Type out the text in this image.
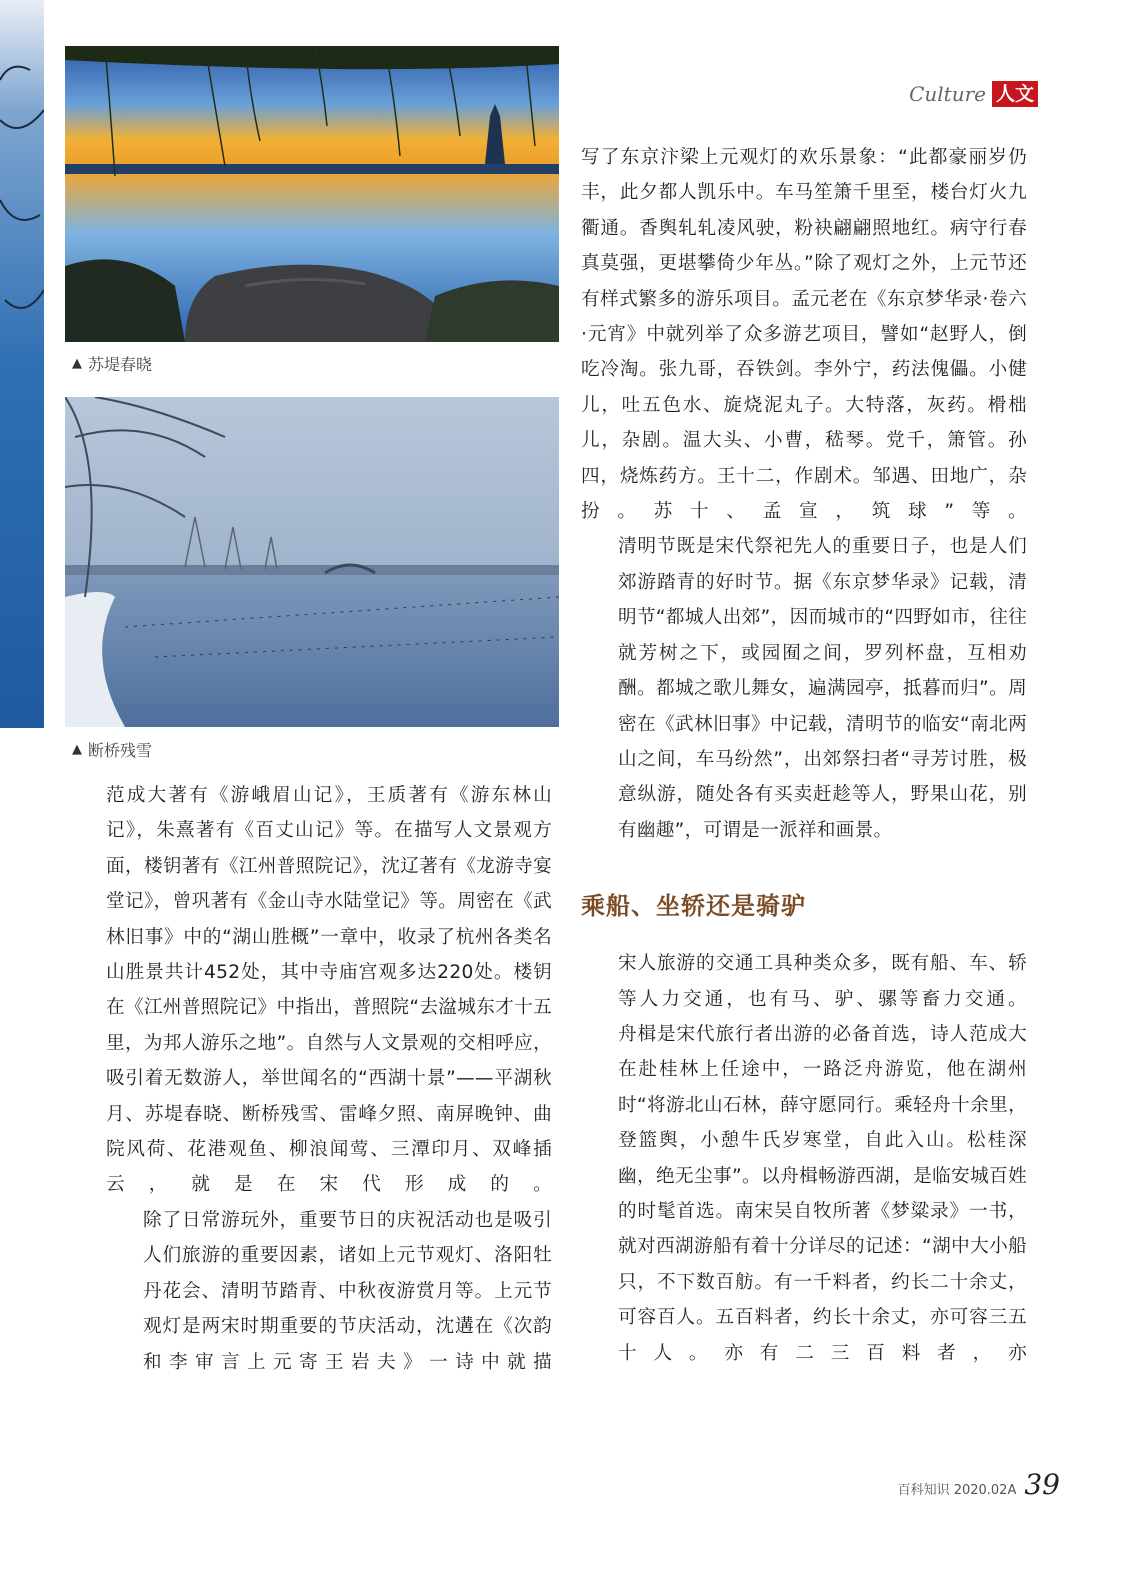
Culture 人文
▲ 苏堤春晓
▲ 断桥残雪

范成大著有《游峨眉山记》，王质著有《游东林山记》，朱熹著有《百丈山记》等。在描写人文景观方面，楼钥著有《江州普照院记》，沈辽著有《龙游寺宴堂记》，曾巩著有《金山寺水陆堂记》等。周密在《武林旧事》中的“湖山胜概”一章中，收录了杭州各类名山胜景共计452处，其中寺庙宫观多达220处。楼钥在《江州普照院记》中指出，普照院“去湓城东才十五里，为邦人游乐之地”。自然与人文景观的交相呼应，吸引着无数游人，举世闻名的“西湖十景”——平湖秋月、苏堤春晓、断桥残雪、雷峰夕照、南屏晚钟、曲院风荷、花港观鱼、柳浪闻莺、三潭印月、双峰插云，就是在宋代形成的。

除了日常游玩外，重要节日的庆祝活动也是吸引人们旅游的重要因素，诸如上元节观灯、洛阳牡丹花会、清明节踏青、中秋夜游赏月等。上元节观灯是两宋时期重要的节庆活动，沈遘在《次韵和李审言上元寄王岩夫》一诗中就描

写了东京汴梁上元观灯的欢乐景象：“此都豪丽岁仍丰，此夕都人凯乐中。车马笙箫千里至，楼台灯火九衢通。香舆轧轧凌风驶，粉袂翩翩照地红。病守行春真莫强，更堪攀倚少年丛。”除了观灯之外，上元节还有样式繁多的游乐项目。孟元老在《东京梦华录·卷六·元宵》中就列举了众多游艺项目，譬如“赵野人，倒吃冷淘。张九哥，吞铁剑。李外宁，药法傀儡。小健儿，吐五色水、旋烧泥丸子。大特落，灰药。榾柮儿，杂剧。温大头、小曹，嵇琴。党千，箫管。孙四，烧炼药方。王十二，作剧术。邹遇、田地广，杂扮。苏十、孟宣，筑球”等。

清明节既是宋代祭祀先人的重要日子，也是人们郊游踏青的好时节。据《东京梦华录》记载，清明节“都城人出郊”，因而城市的“四野如市，往往就芳树之下，或园囿之间，罗列杯盘，互相劝酬。都城之歌儿舞女，遍满园亭，抵暮而归”。周密在《武林旧事》中记载，清明节的临安“南北两山之间，车马纷然”，出郊祭扫者“寻芳讨胜，极意纵游，随处各有买卖赶趁等人，野果山花，别有幽趣”，可谓是一派祥和画景。

乘船、坐轿还是骑驴

宋人旅游的交通工具种类众多，既有船、车、轿等人力交通，也有马、驴、骡等畜力交通。

舟楫是宋代旅行者出游的必备首选，诗人范成大在赴桂林上任途中，一路泛舟游览，他在湖州时“将游北山石林，薛守愿同行。乘轻舟十余里，登篮舆，小憩牛氏岁寒堂，自此入山。松桂深幽，绝无尘事”。以舟楫畅游西湖，是临安城百姓的时髦首选。南宋吴自牧所著《梦粱录》一书，就对西湖游船有着十分详尽的记述：“湖中大小船只，不下数百舫。有一千料者，约长二十余丈，可容百人。五百料者，约长十余丈，亦可容三五十人。亦有二三百料者，亦

百科知识 2020.02A 39
